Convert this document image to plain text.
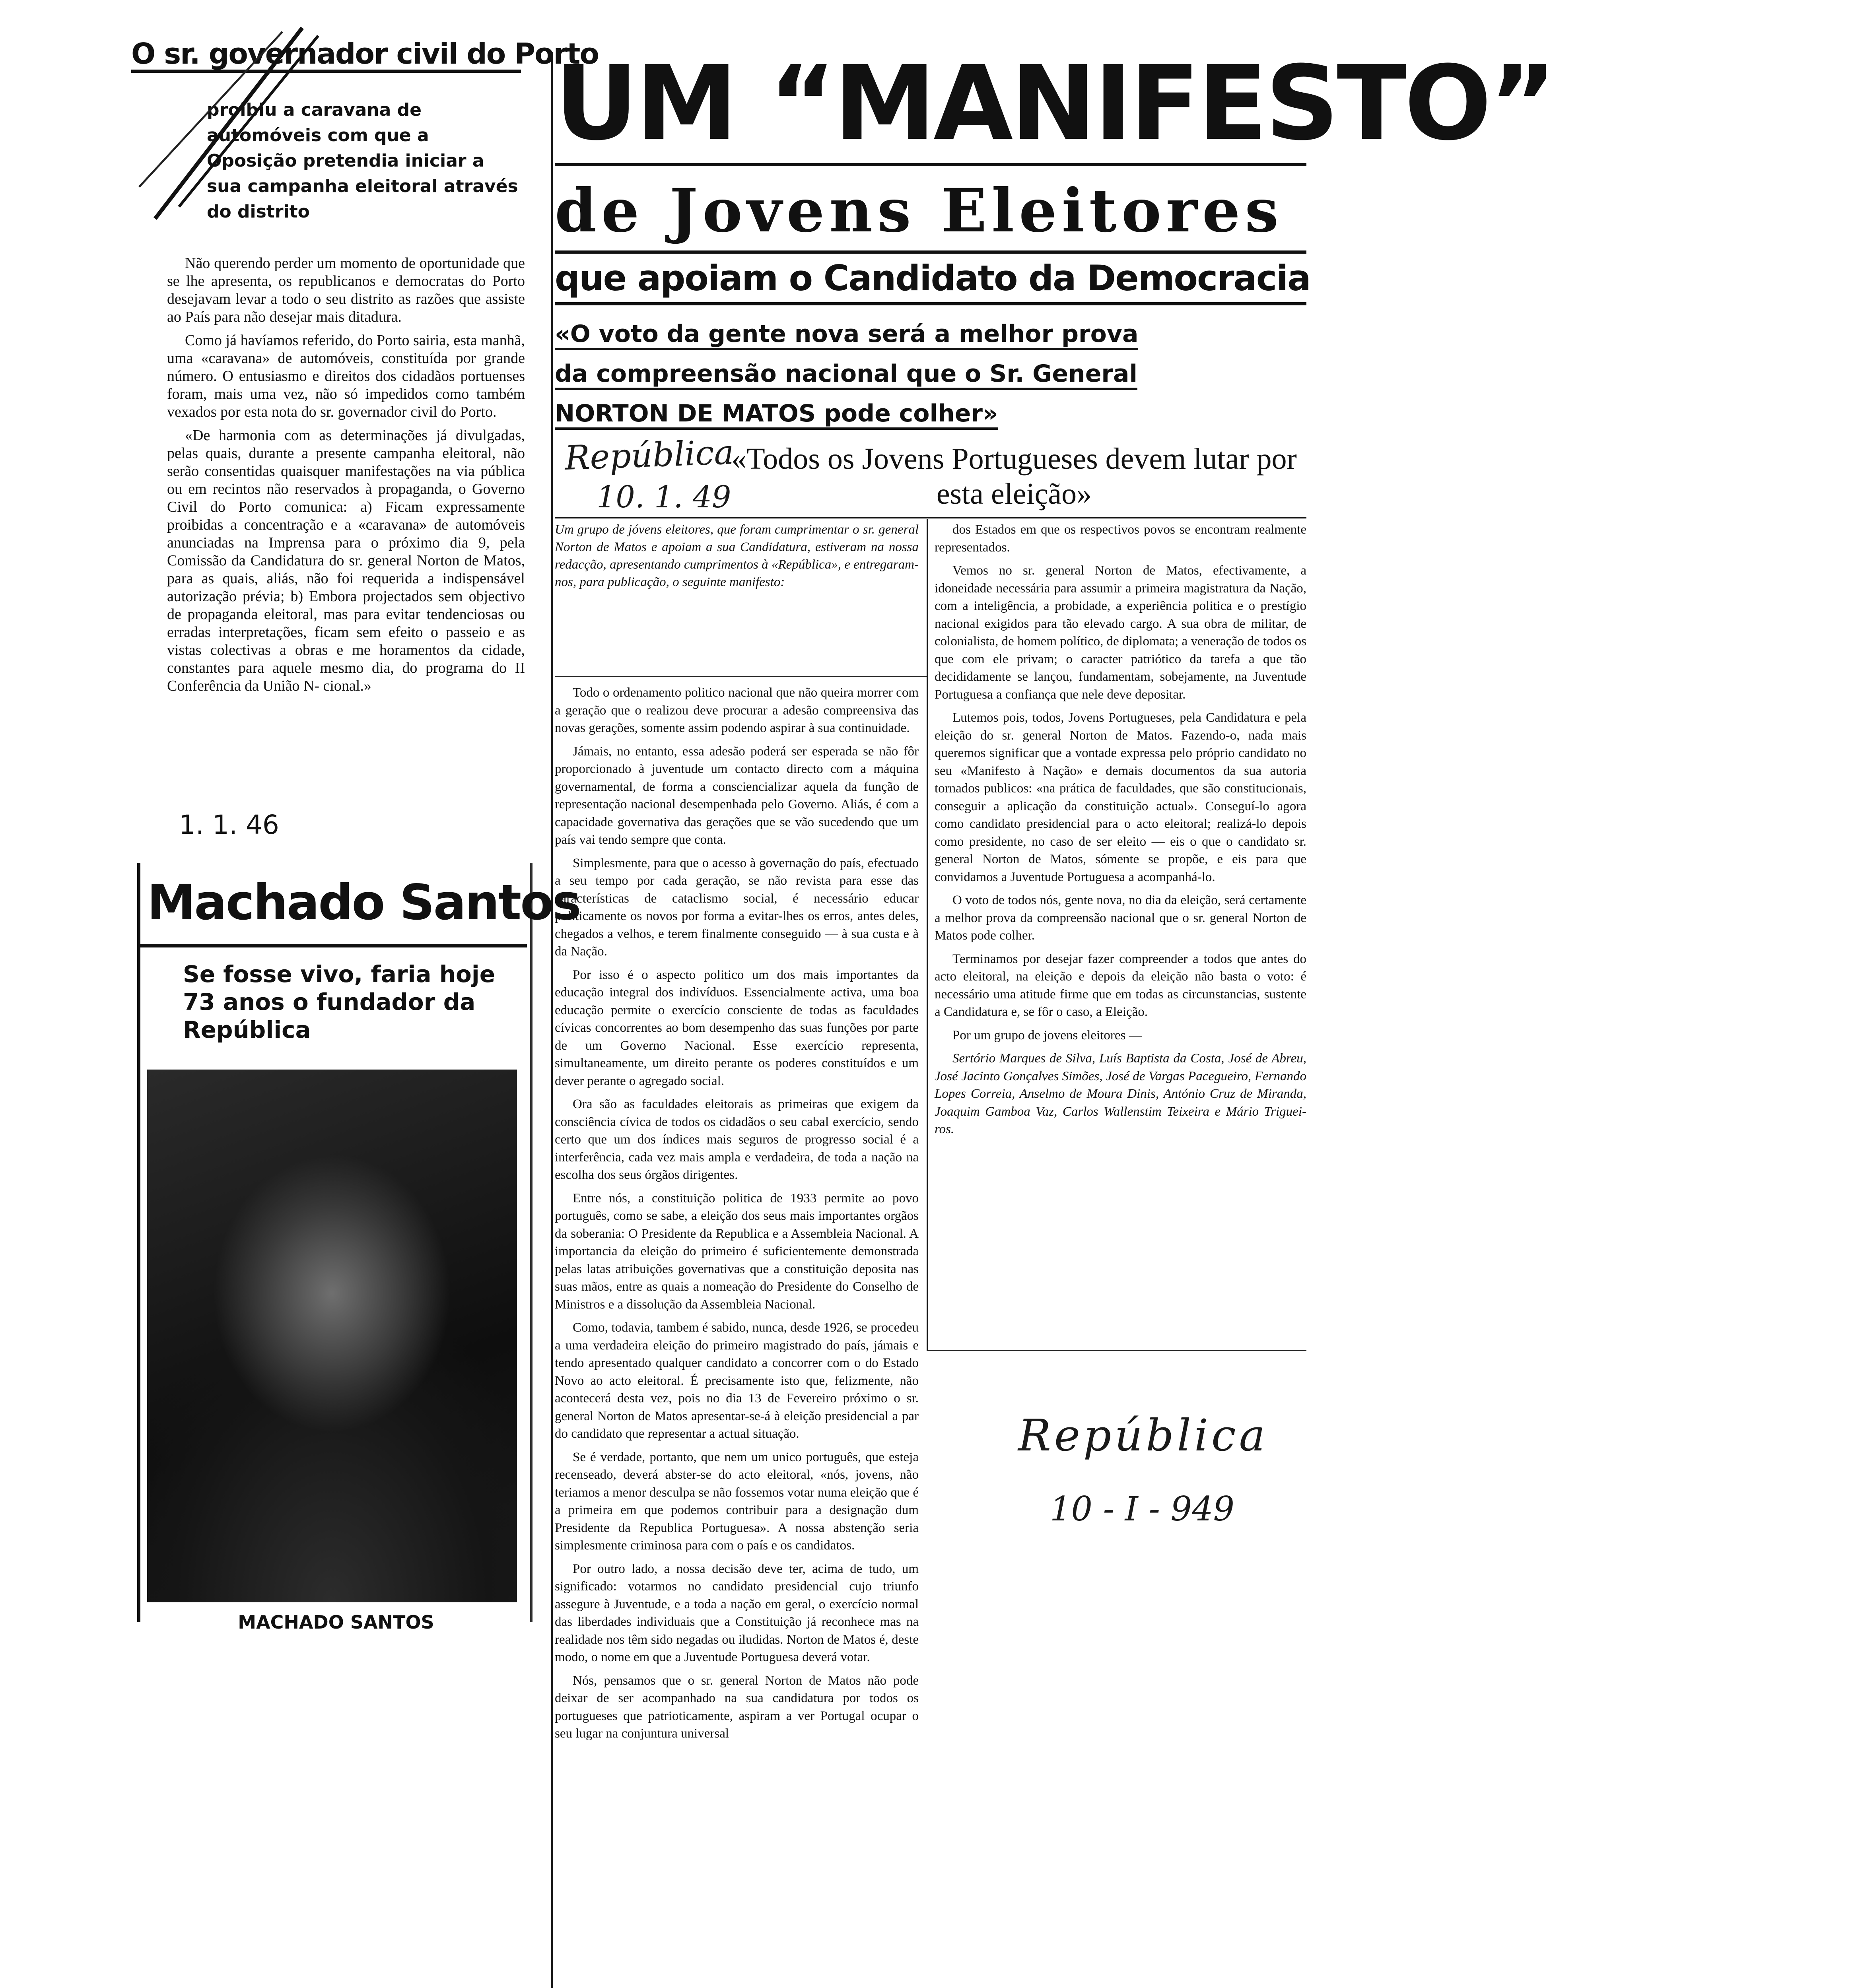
O sr. governador civil do Porto
proibiu a caravana de automóveis com que a Oposição pretendia iniciar a sua campanha eleitoral através do distrito

Não querendo perder um momento de oportunidade que se lhe apresenta, os republicanos e democratas do Porto desejavam levar a todo o seu distrito as razões que assiste ao País para não desejar mais ditadura.

Como já havíamos referido, do Porto sairia, esta manhã, uma «caravana» de automóveis, constituída por grande número. O entusiasmo e direitos dos cidadãos portuenses foram, mais uma vez, não só impedidos como também vexados por esta nota do sr. governador civil do Porto.

«De harmonia com as determinações já divulgadas, pelas quais, durante a presente campanha eleitoral, não serão consentidas quaisquer manifestações na via pública ou em recintos não reservados à propaganda, o Governo Civil do Porto comunica: a) Ficam expressamente proibidas a concentração e a «caravana» de automóveis anunciadas na Imprensa para o próximo dia 9, pela Comissão da Candidatura do sr. general Norton de Matos, para as quais, aliás, não foi requerida a indispensável autorização prévia; b) Embora projectados sem objectivo de propaganda eleitoral, mas para evitar tendenciosas ou erradas interpretações, ficam sem efeito o passeio e as vistas colectivas a obras e me horamentos da cidade, constantes para aquele mesmo dia, do programa do II Conferência da União N- cional.»

1. 1. 46
Machado Santos
Se fosse vivo, faria hoje 73 anos o fundador da República
MACHADO SANTOS
UM “MANIFESTO”
de Jovens Eleitores
que apoiam o Candidato da Democracia
«O voto da gente nova será a melhor prova
da compreensão nacional que o Sr. General
NORTON DE MATOS pode colher»
República
10. 1. 49
«Todos os Jovens Portugueses devem lutar por esta eleição»
Um grupo de jóvens eleitores, que foram cumprimentar o sr. general Norton de Matos e apoiam a sua Candidatura, estiveram na nossa redacção, apresentando cumprimentos à «República», e entregaram-nos, para publicação, o seguinte manifesto:

Todo o ordenamento politico nacional que não queira morrer com a geração que o realizou deve procurar a adesão compreensiva das novas gerações, somente assim podendo aspirar à sua continuidade.

Jámais, no entanto, essa adesão poderá ser esperada se não fôr proporcionado à juventude um contacto directo com a máquina governamental, de forma a consciencializar aquela da função de representação nacional desempenhada pelo Governo. Aliás, é com a capacidade governativa das gerações que se vão sucedendo que um país vai tendo sempre que conta.

Simplesmente, para que o acesso à governação do país, efectuado a seu tempo por cada geração, se não revista para esse das características de cataclismo social, é necessário educar politicamente os novos por forma a evitar-lhes os erros, antes deles, chegados a velhos, e terem finalmente conseguido — à sua custa e à da Nação.

Por isso é o aspecto politico um dos mais importantes da educação integral dos indivíduos. Essencialmente activa, uma boa educação permite o exercício consciente de todas as faculdades cívicas concorrentes ao bom desempenho das suas funções por parte de um Governo Nacional. Esse exercício representa, simultaneamente, um direito perante os poderes constituídos e um dever perante o agregado social.

Ora são as faculdades eleitorais as primeiras que exigem da consciência cívica de todos os cidadãos o seu cabal exercício, sendo certo que um dos índices mais seguros de progresso social é a interferência, cada vez mais ampla e verdadeira, de toda a nação na escolha dos seus órgãos dirigentes.

Entre nós, a constituição politica de 1933 permite ao povo português, como se sabe, a eleição dos seus mais importantes orgãos da soberania: O Presidente da Republica e a Assembleia Nacional. A importancia da eleição do primeiro é suficientemente demonstrada pelas latas atribuições governativas que a constituição deposita nas suas mãos, entre as quais a nomeação do Presidente do Conselho de Ministros e a dissolução da Assembleia Nacional.

Como, todavia, tambem é sabido, nunca, desde 1926, se procedeu a uma verdadeira eleição do primeiro magistrado do país, jámais e tendo apresentado qualquer candidato a concorrer com o do Estado Novo ao acto eleitoral. É precisamente isto que, felizmente, não acontecerá desta vez, pois no dia 13 de Fevereiro próximo o sr. general Norton de Matos apresentar-se-á à eleição presidencial a par do candidato que representar a actual situação.

Se é verdade, portanto, que nem um unico português, que esteja recenseado, deverá abster-se do acto eleitoral, «nós, jovens, não teriamos a menor desculpa se não fossemos votar numa eleição que é a primeira em que podemos contribuir para a designação dum Presidente da Republica Portuguesa». A nossa abstenção seria simplesmente criminosa para com o país e os candidatos.

Por outro lado, a nossa decisão deve ter, acima de tudo, um significado: votarmos no candidato presidencial cujo triunfo assegure à Juventude, e a toda a nação em geral, o exercício normal das liberdades individuais que a Constituição já reconhece mas na realidade nos têm sido negadas ou iludidas. Norton de Matos é, deste modo, o nome em que a Juventude Portuguesa deverá votar.

Nós, pensamos que o sr. general Norton de Matos não pode deixar de ser acompanhado na sua candidatura por todos os portugueses que patrioticamente, aspiram a ver Portugal ocupar o seu lugar na conjuntura universal

dos Estados em que os respectivos povos se encontram realmente representados.

Vemos no sr. general Norton de Matos, efectivamente, a idoneidade necessária para assumir a primeira magistratura da Nação, com a inteligência, a probidade, a experiência politica e o prestígio nacional exigidos para tão elevado cargo. A sua obra de militar, de colonialista, de homem político, de diplomata; a veneração de todos os que com ele privam; o caracter patriótico da tarefa a que tão decididamente se lançou, fundamentam, sobejamente, na Juventude Portuguesa a confiança que nele deve depositar.

Lutemos pois, todos, Jovens Portugueses, pela Candidatura e pela eleição do sr. general Norton de Matos. Fazendo-o, nada mais queremos significar que a vontade expressa pelo próprio candidato no seu «Manifesto à Nação» e demais documentos da sua autoria tornados publicos: «na prática de faculdades, que são constitucionais, conseguir a aplicação da constituição actual». Conseguí-lo agora como candidato presidencial para o acto eleitoral; realizá-lo depois como presidente, no caso de ser eleito — eis o que o candidato sr. general Norton de Matos, sómente se propõe, e eis para que convidamos a Juventude Portuguesa a acompanhá-lo.

O voto de todos nós, gente nova, no dia da eleição, será certamente a melhor prova da compreensão nacional que o sr. general Norton de Matos pode colher.

Terminamos por desejar fazer compreender a todos que antes do acto eleitoral, na eleição e depois da eleição não basta o voto: é necessário uma atitude firme que em todas as circunstancias, sustente a Candidatura e, se fôr o caso, a Eleição.

Por um grupo de jovens eleitores —

Sertório Marques de Silva, Luís Baptista da Costa, José de Abreu, José Jacinto Gonçalves Simões, José de Vargas Pacegueiro, Fernando Lopes Correia, Anselmo de Moura Dinis, António Cruz de Miranda, Joaquim Gamboa Vaz, Carlos Wallenstim Teixeira e Mário Triguei-ros.

República
10 - I - 949
